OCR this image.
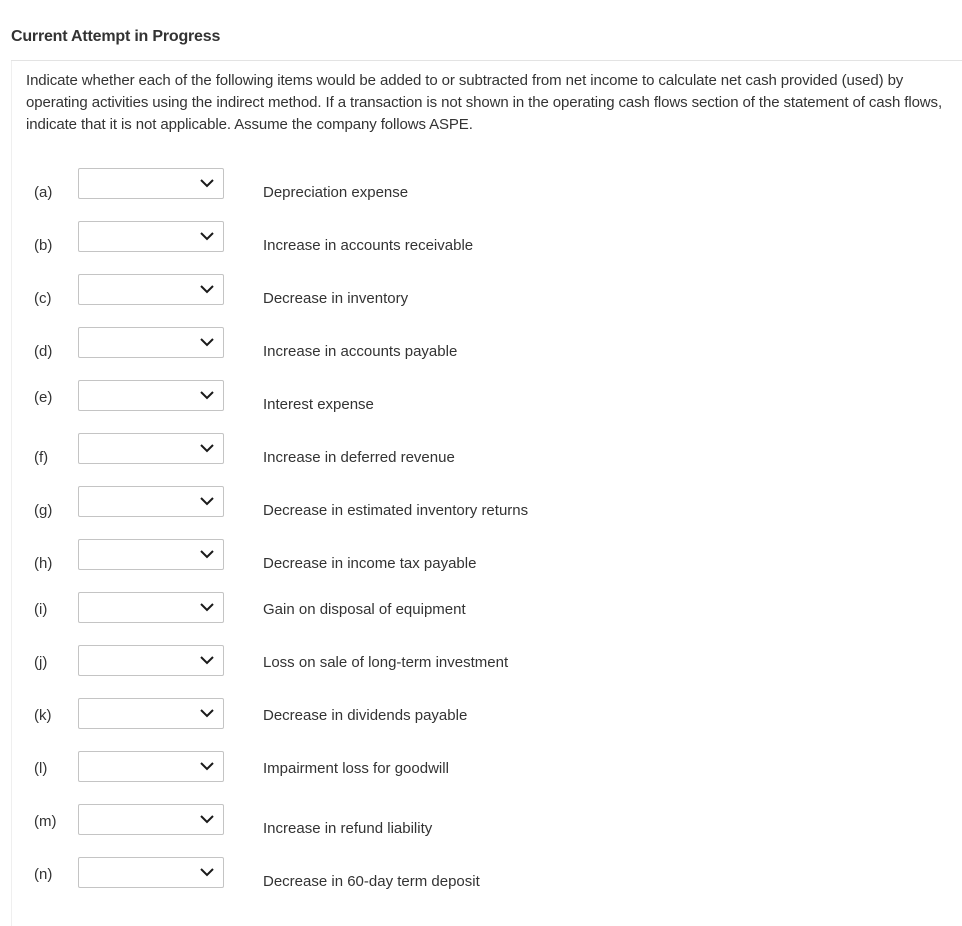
Current Attempt in Progress
Indicate whether each of the following items would be added to or subtracted from net income to calculate net cash provided (used) by operating activities using the indirect method. If a transaction is not shown in the operating cash flows section of the statement of cash flows, indicate that it is not applicable. Assume the company follows ASPE.
(a)	Depreciation expense
(b)	Increase in accounts receivable
(c)	Decrease in inventory
(d)	Increase in accounts payable
(e)	Interest expense
(f)	Increase in deferred revenue
(g)	Decrease in estimated inventory returns
(h)	Decrease in income tax payable
(i)	Gain on disposal of equipment
(j)	Loss on sale of long-term investment
(k)	Decrease in dividends payable
(l)	Impairment loss for goodwill
(m)	Increase in refund liability
(n)	Decrease in 60-day term deposit
